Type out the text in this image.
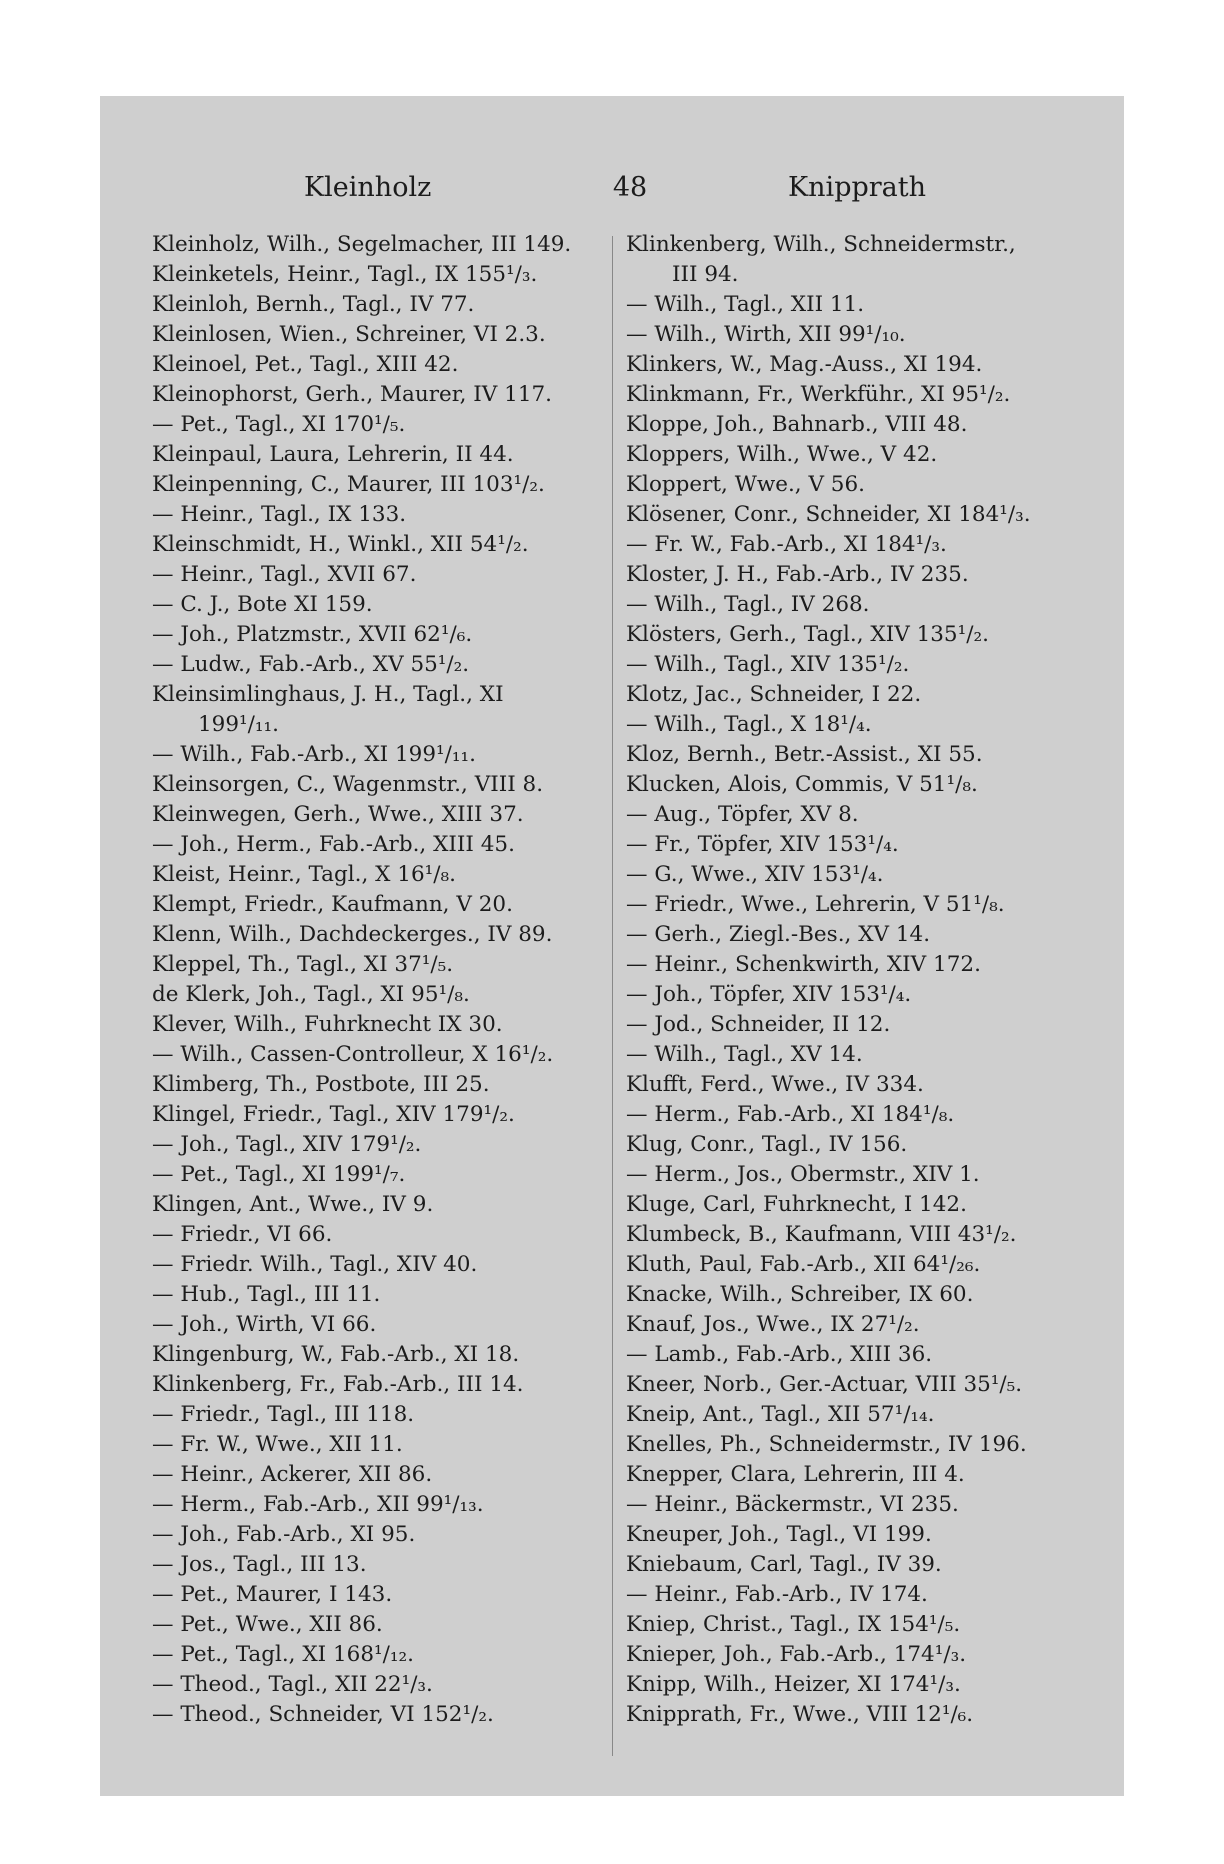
Kleinholz	48	Knipprath
Kleinholz, Wilh., Segelmacher, III 149.
Kleinketels, Heinr., Tagl., IX 155¹/₃.
Kleinloh, Bernh., Tagl., IV 77.
Kleinlosen, Wien., Schreiner, VI 2.3.
Kleinoel, Pet., Tagl., XIII 42.
Kleinophorst, Gerh., Maurer, IV 117.
— Pet., Tagl., XI 170¹/₅.
Kleinpaul, Laura, Lehrerin, II 44.
Kleinpenning, C., Maurer, III 103¹/₂.
— Heinr., Tagl., IX 133.
Kleinschmidt, H., Winkl., XII 54¹/₂.
— Heinr., Tagl., XVII 67.
— C. J., Bote XI 159.
— Joh., Platzmstr., XVII 62¹/₆.
— Ludw., Fab.-Arb., XV 55¹/₂.
Kleinsimlinghaus, J. H., Tagl., XI
199¹/₁₁.
— Wilh., Fab.-Arb., XI 199¹/₁₁.
Kleinsorgen, C., Wagenmstr., VIII 8.
Kleinwegen, Gerh., Wwe., XIII 37.
— Joh., Herm., Fab.-Arb., XIII 45.
Kleist, Heinr., Tagl., X 16¹/₈.
Klempt, Friedr., Kaufmann, V 20.
Klenn, Wilh., Dachdeckerges., IV 89.
Kleppel, Th., Tagl., XI 37¹/₅.
de Klerk, Joh., Tagl., XI 95¹/₈.
Klever, Wilh., Fuhrknecht IX 30.
— Wilh., Cassen-Controlleur, X 16¹/₂.
Klimberg, Th., Postbote, III 25.
Klingel, Friedr., Tagl., XIV 179¹/₂.
— Joh., Tagl., XIV 179¹/₂.
— Pet., Tagl., XI 199¹/₇.
Klingen, Ant., Wwe., IV 9.
— Friedr., VI 66.
— Friedr. Wilh., Tagl., XIV 40.
— Hub., Tagl., III 11.
— Joh., Wirth, VI 66.
Klingenburg, W., Fab.-Arb., XI 18.
Klinkenberg, Fr., Fab.-Arb., III 14.
— Friedr., Tagl., III 118.
— Fr. W., Wwe., XII 11.
— Heinr., Ackerer, XII 86.
— Herm., Fab.-Arb., XII 99¹/₁₃.
— Joh., Fab.-Arb., XI 95.
— Jos., Tagl., III 13.
— Pet., Maurer, I 143.
— Pet., Wwe., XII 86.
— Pet., Tagl., XI 168¹/₁₂.
— Theod., Tagl., XII 22¹/₃.
— Theod., Schneider, VI 152¹/₂.
Klinkenberg, Wilh., Schneidermstr.,
III 94.
— Wilh., Tagl., XII 11.
— Wilh., Wirth, XII 99¹/₁₀.
Klinkers, W., Mag.-Auss., XI 194.
Klinkmann, Fr., Werkführ., XI 95¹/₂.
Kloppe, Joh., Bahnarb., VIII 48.
Kloppers, Wilh., Wwe., V 42.
Kloppert, Wwe., V 56.
Klösener, Conr., Schneider, XI 184¹/₃.
— Fr. W., Fab.-Arb., XI 184¹/₃.
Kloster, J. H., Fab.-Arb., IV 235.
— Wilh., Tagl., IV 268.
Klösters, Gerh., Tagl., XIV 135¹/₂.
— Wilh., Tagl., XIV 135¹/₂.
Klotz, Jac., Schneider, I 22.
— Wilh., Tagl., X 18¹/₄.
Kloz, Bernh., Betr.-Assist., XI 55.
Klucken, Alois, Commis, V 51¹/₈.
— Aug., Töpfer, XV 8.
— Fr., Töpfer, XIV 153¹/₄.
— G., Wwe., XIV 153¹/₄.
— Friedr., Wwe., Lehrerin, V 51¹/₈.
— Gerh., Ziegl.-Bes., XV 14.
— Heinr., Schenkwirth, XIV 172.
— Joh., Töpfer, XIV 153¹/₄.
— Jod., Schneider, II 12.
— Wilh., Tagl., XV 14.
Klufft, Ferd., Wwe., IV 334.
— Herm., Fab.-Arb., XI 184¹/₈.
Klug, Conr., Tagl., IV 156.
— Herm., Jos., Obermstr., XIV 1.
Kluge, Carl, Fuhrknecht, I 142.
Klumbeck, B., Kaufmann, VIII 43¹/₂.
Kluth, Paul, Fab.-Arb., XII 64¹/₂₆.
Knacke, Wilh., Schreiber, IX 60.
Knauf, Jos., Wwe., IX 27¹/₂.
— Lamb., Fab.-Arb., XIII 36.
Kneer, Norb., Ger.-Actuar, VIII 35¹/₅.
Kneip, Ant., Tagl., XII 57¹/₁₄.
Knelles, Ph., Schneidermstr., IV 196.
Knepper, Clara, Lehrerin, III 4.
— Heinr., Bäckermstr., VI 235.
Kneuper, Joh., Tagl., VI 199.
Kniebaum, Carl, Tagl., IV 39.
— Heinr., Fab.-Arb., IV 174.
Kniep, Christ., Tagl., IX 154¹/₅.
Knieper, Joh., Fab.-Arb., 174¹/₃.
Knipp, Wilh., Heizer, XI 174¹/₃.
Knipprath, Fr., Wwe., VIII 12¹/₆.
